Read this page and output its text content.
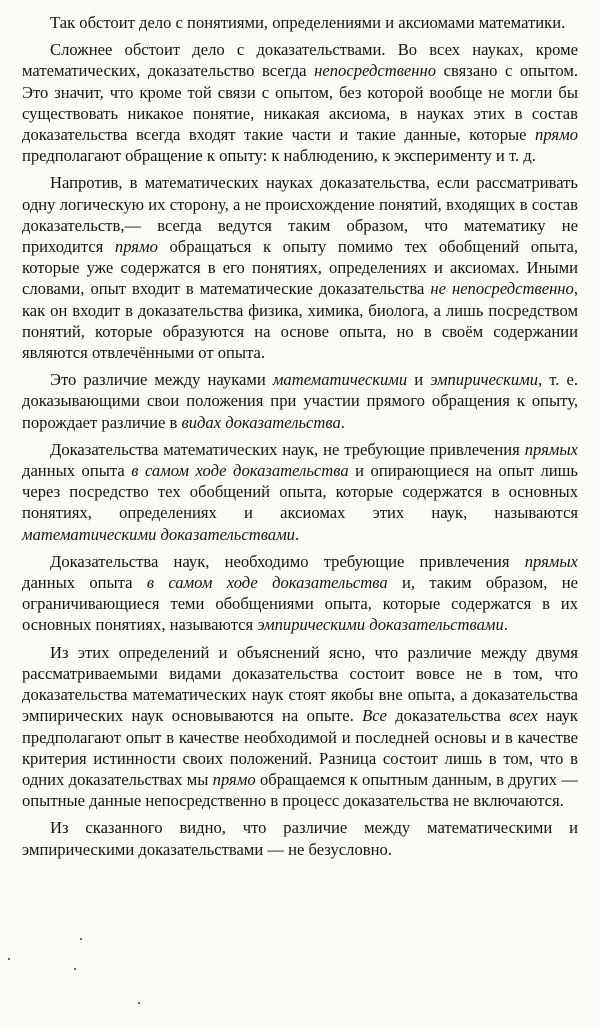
Так обстоит дело с понятиями, определениями и аксиомами математики.
Сложнее обстоит дело с доказательствами. Во всех науках, кроме математических, доказательство всегда непосредственно связано с опытом. Это значит, что кроме той связи с опытом, без которой вообще не могли бы существовать никакое понятие, никакая аксиома, в науках этих в состав доказательства всегда входят такие части и такие данные, которые прямо предполагают обращение к опыту: к наблюдению, к эксперименту и т. д.
Напротив, в математических науках доказательства, если рассматривать одну логическую их сторону, а не происхождение понятий, входящих в состав доказательств,— всегда ведутся таким образом, что математику не приходится прямо обращаться к опыту помимо тех обобщений опыта, которые уже содержатся в его понятиях, определениях и аксиомах. Иными словами, опыт входит в математические доказательства не непосредственно, как он входит в доказательства физика, химика, биолога, а лишь посредством понятий, которые образуются на основе опыта, но в своём содержании являются отвлечёнными от опыта.
Это различие между науками математическими и эмпирическими, т. е. доказывающими свои положения при участии прямого обращения к опыту, порождает различие в видах доказательства.
Доказательства математических наук, не требующие привлечения прямых данных опыта в самом ходе доказательства и опирающиеся на опыт лишь через посредство тех обобщений опыта, которые содержатся в основных понятиях, определениях и аксиомах этих наук, называются математическими доказательствами.
Доказательства наук, необходимо требующие привлечения прямых данных опыта в самом ходе доказательства и, таким образом, не ограничивающиеся теми обобщениями опыта, которые содержатся в их основных понятиях, называются эмпирическими доказательствами.
Из этих определений и объяснений ясно, что различие между двумя рассматриваемыми видами доказательства состоит вовсе не в том, что доказательства математических наук стоят якобы вне опыта, а доказательства эмпирических наук основываются на опыте. Все доказательства всех наук предполагают опыт в качестве необходимой и последней основы и в качестве критерия истинности своих положений. Разница состоит лишь в том, что в одних доказательствах мы прямо обращаемся к опытным данным, в других — опытные данные непосредственно в процесс доказательства не включаются.
Из сказанного видно, что различие между математическими и эмпирическими доказательствами — не безусловно.
